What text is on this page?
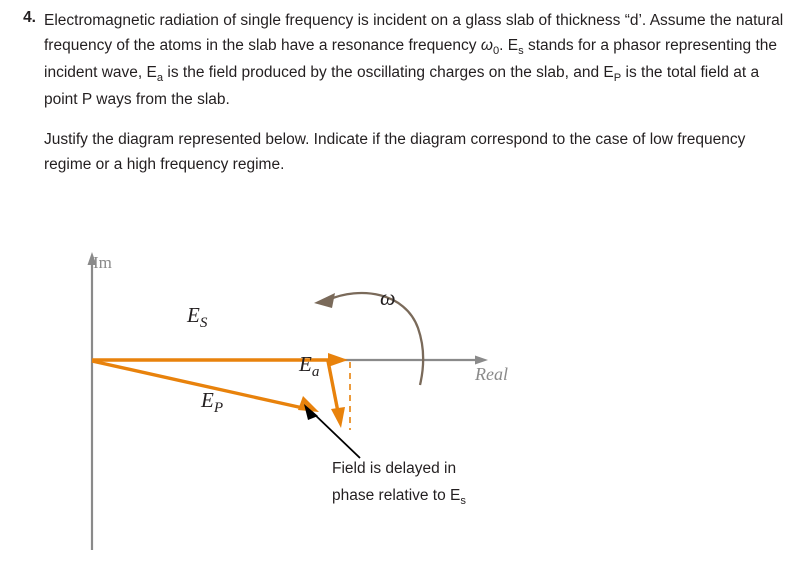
4. Electromagnetic radiation of single frequency is incident on a glass slab of thickness “d’. Assume the natural frequency of the atoms in the slab have a resonance frequency $\omega_0$. $E_s$ stands for a phasor representing the incident wave, $E_a$ is the field produced by the oscillating charges on the slab, and $E_P$ is the total field at a point P ways from the slab.

Justify the diagram represented below. Indicate if the diagram correspond to the case of low frequency regime or a high frequency regime.

Im
Real
$E_S$
$E_a$
$E_P$
ω
Field is delayed in
phase relative to $E_s$
